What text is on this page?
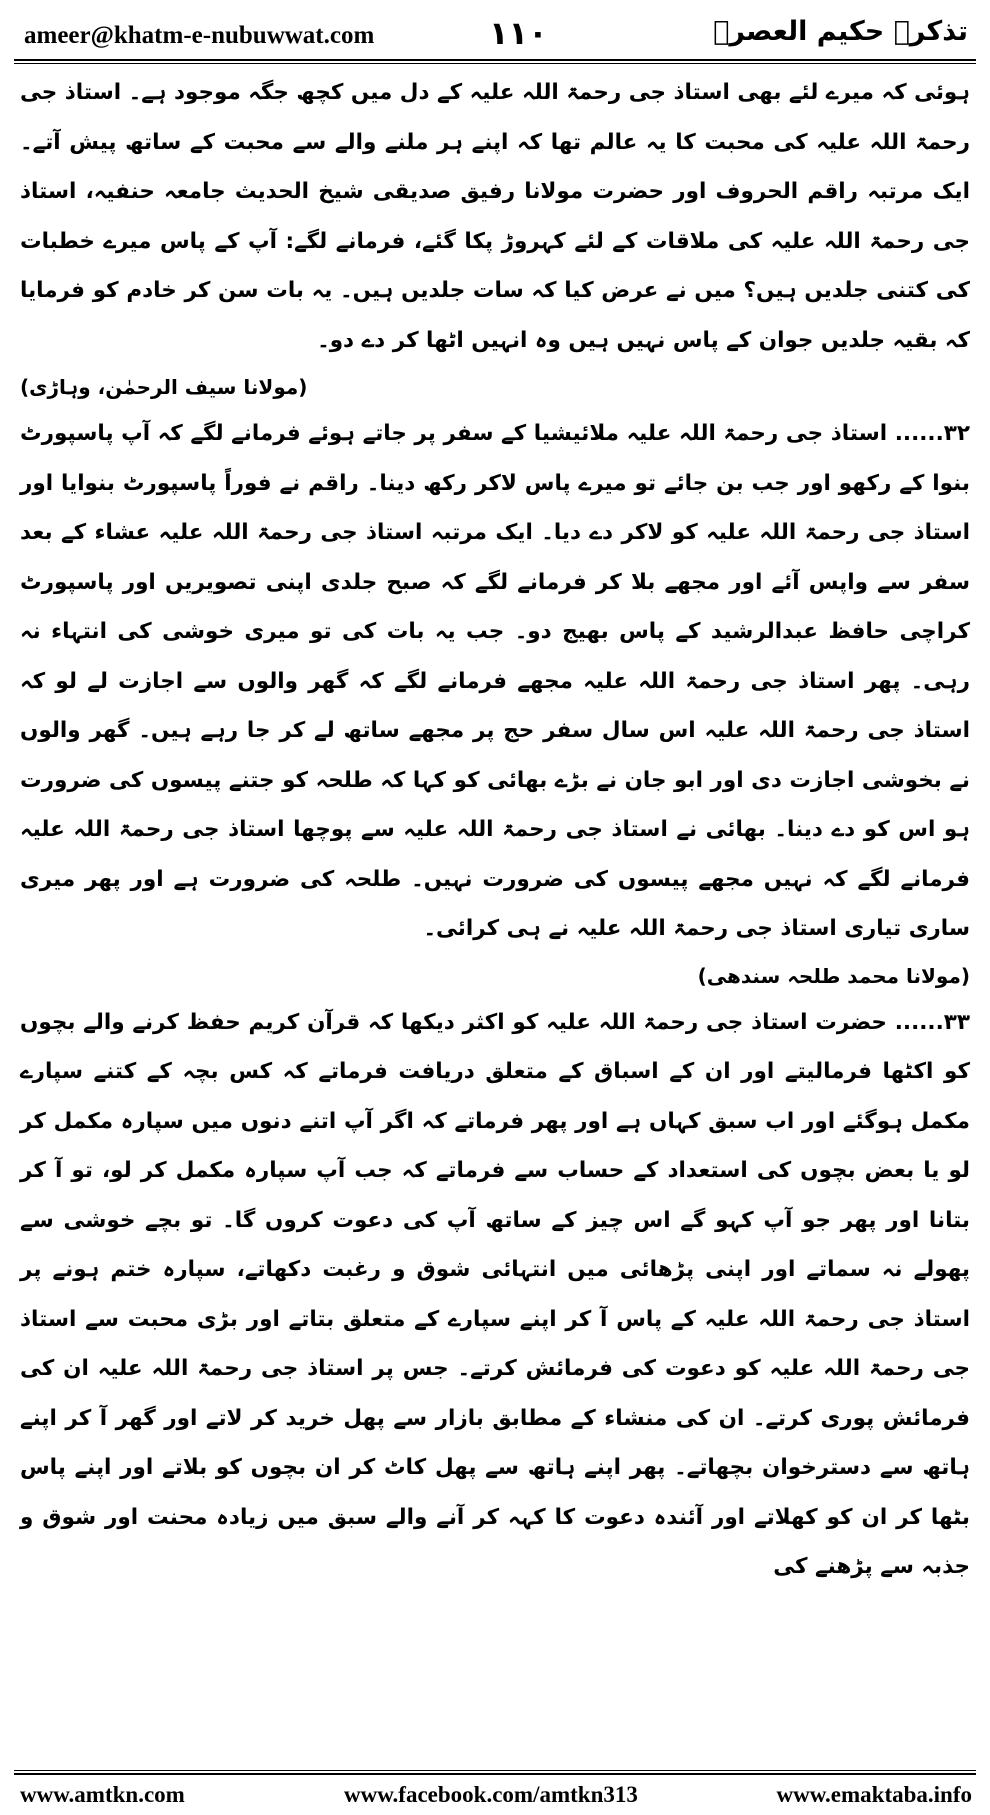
ameer@khatm-e-nubuwwat.com	۱۱۰	تذکرہ حکیم العصرؒ

ہوئی کہ میرے لئے بھی استاذ جی رحمۃ اللہ علیہ کے دل میں کچھ جگہ موجود ہے۔ استاذ جی رحمۃ اللہ علیہ کی محبت کا یہ عالم تھا کہ اپنے ہر ملنے والے سے محبت کے ساتھ پیش آتے۔ ایک مرتبہ راقم الحروف اور حضرت مولانا رفیق صدیقی شیخ الحدیث جامعہ حنفیہ، استاذ جی رحمۃ اللہ علیہ کی ملاقات کے لئے کہروڑ پکا گئے، فرمانے لگے: آپ کے پاس میرے خطبات کی کتنی جلدیں ہیں؟ میں نے عرض کیا کہ سات جلدیں ہیں۔ یہ بات سن کر خادم کو فرمایا کہ بقیہ جلدیں جوان کے پاس نہیں ہیں وہ انہیں اٹھا کر دے دو۔

(مولانا سیف الرحمٰن، وہاڑی)

۳۲...... استاذ جی رحمۃ اللہ علیہ ملائیشیا کے سفر پر جاتے ہوئے فرمانے لگے کہ آپ پاسپورٹ بنوا کے رکھو اور جب بن جائے تو میرے پاس لاکر رکھ دینا۔ راقم نے فوراً پاسپورٹ بنوایا اور استاذ جی رحمۃ اللہ علیہ کو لاکر دے دیا۔ ایک مرتبہ استاذ جی رحمۃ اللہ علیہ عشاء کے بعد سفر سے واپس آئے اور مجھے بلا کر فرمانے لگے کہ صبح جلدی اپنی تصویریں اور پاسپورٹ کراچی حافظ عبدالرشید کے پاس بھیج دو۔ جب یہ بات کی تو میری خوشی کی انتہاء نہ رہی۔ پھر استاذ جی رحمۃ اللہ علیہ مجھے فرمانے لگے کہ گھر والوں سے اجازت لے لو کہ استاذ جی رحمۃ اللہ علیہ اس سال سفر حج پر مجھے ساتھ لے کر جا رہے ہیں۔ گھر والوں نے بخوشی اجازت دی اور ابو جان نے بڑے بھائی کو کہا کہ طلحہ کو جتنے پیسوں کی ضرورت ہو اس کو دے دینا۔ بھائی نے استاذ جی رحمۃ اللہ علیہ سے پوچھا استاذ جی رحمۃ اللہ علیہ فرمانے لگے کہ نہیں مجھے پیسوں کی ضرورت نہیں۔ طلحہ کی ضرورت ہے اور پھر میری ساری تیاری استاذ جی رحمۃ اللہ علیہ نے ہی کرائی۔

(مولانا محمد طلحہ سندھی)

۳۳...... حضرت استاذ جی رحمۃ اللہ علیہ کو اکثر دیکھا کہ قرآن کریم حفظ کرنے والے بچوں کو اکٹھا فرمالیتے اور ان کے اسباق کے متعلق دریافت فرماتے کہ کس بچہ کے کتنے سپارے مکمل ہوگئے اور اب سبق کہاں ہے اور پھر فرماتے کہ اگر آپ اتنے دنوں میں سپارہ مکمل کر لو یا بعض بچوں کی استعداد کے حساب سے فرماتے کہ جب آپ سپارہ مکمل کر لو، تو آ کر بتانا اور پھر جو آپ کہو گے اس چیز کے ساتھ آپ کی دعوت کروں گا۔ تو بچے خوشی سے پھولے نہ سماتے اور اپنی پڑھائی میں انتہائی شوق و رغبت دکھاتے، سپارہ ختم ہونے پر استاذ جی رحمۃ اللہ علیہ کے پاس آ کر اپنے سپارے کے متعلق بتاتے اور بڑی محبت سے استاذ جی رحمۃ اللہ علیہ کو دعوت کی فرمائش کرتے۔ جس پر استاذ جی رحمۃ اللہ علیہ ان کی فرمائش پوری کرتے۔ ان کی منشاء کے مطابق بازار سے پھل خرید کر لاتے اور گھر آ کر اپنے ہاتھ سے دسترخوان بچھاتے۔ پھر اپنے ہاتھ سے پھل کاٹ کر ان بچوں کو بلاتے اور اپنے پاس بٹھا کر ان کو کھلاتے اور آئندہ دعوت کا کہہ کر آنے والے سبق میں زیادہ محنت اور شوق و جذبہ سے پڑھنے کی

www.amtkn.com	www.facebook.com/amtkn313	www.emaktaba.info
